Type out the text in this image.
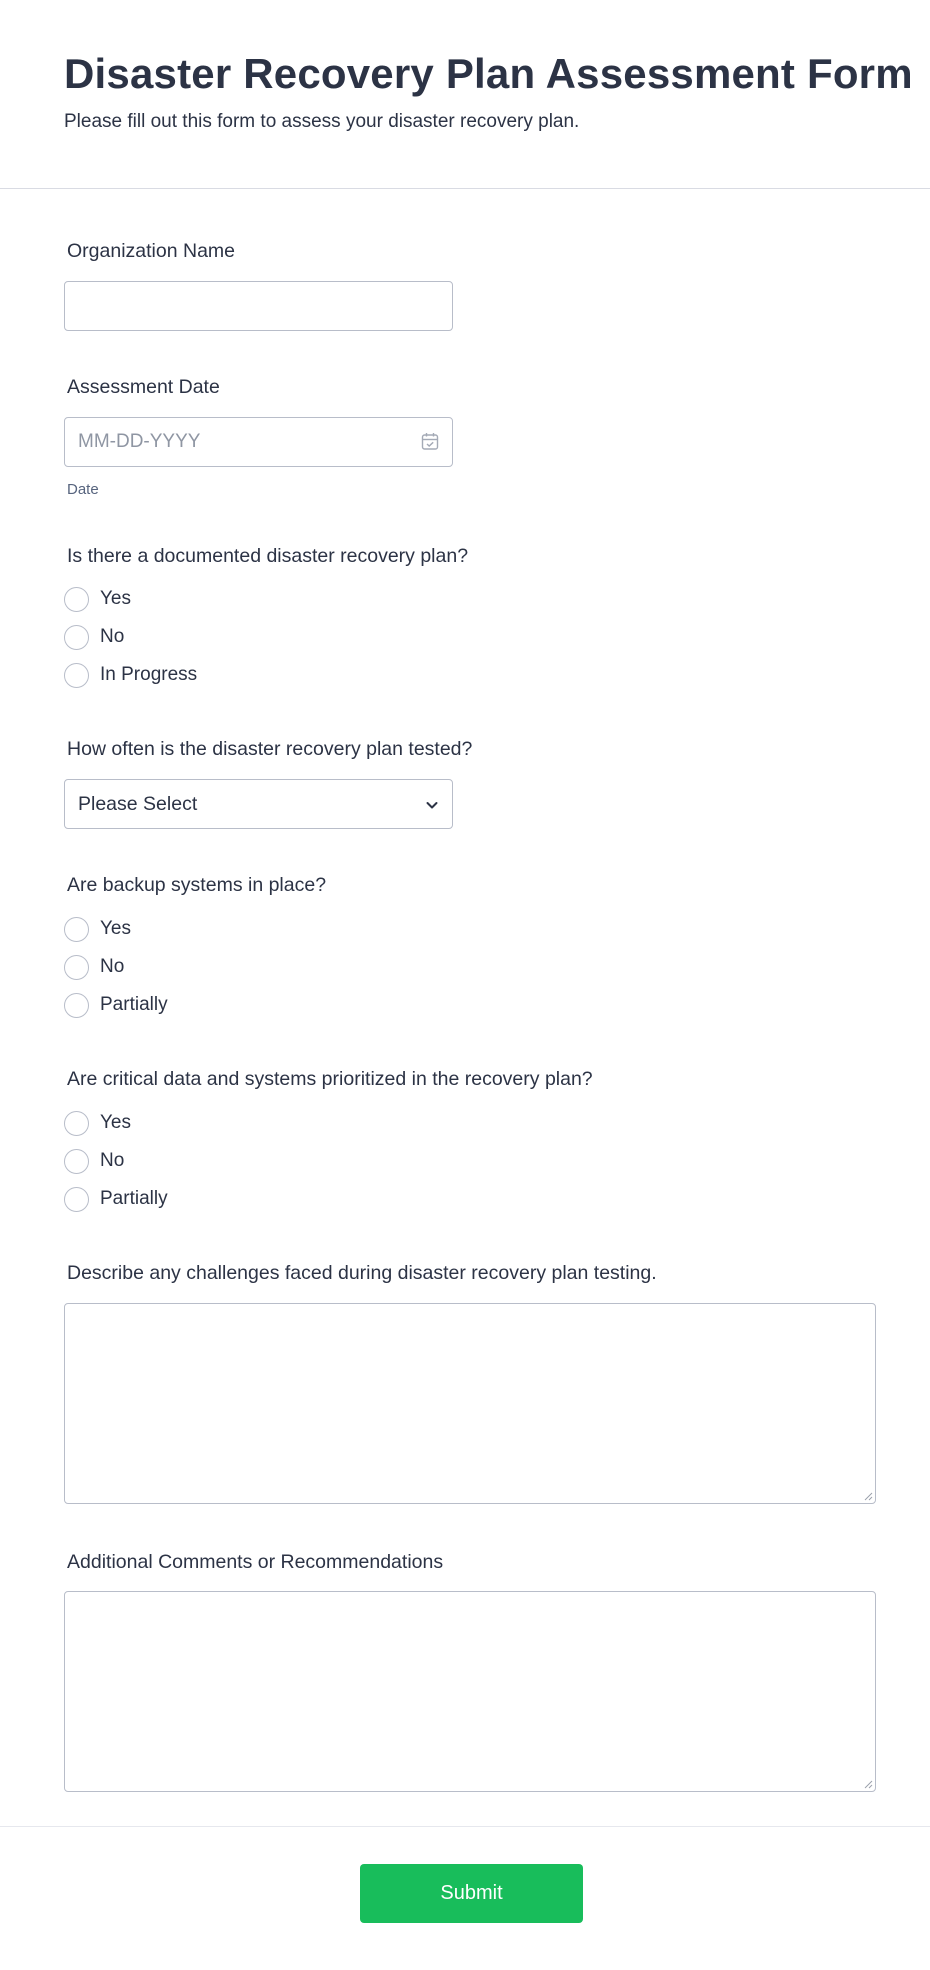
Disaster Recovery Plan Assessment Form
Please fill out this form to assess your disaster recovery plan.
Organization Name
Assessment Date
MM-DD-YYYY
Date
Is there a documented disaster recovery plan?
Yes
No
In Progress
How often is the disaster recovery plan tested?
Please Select
Are backup systems in place?
Yes
No
Partially
Are critical data and systems prioritized in the recovery plan?
Yes
No
Partially
Describe any challenges faced during disaster recovery plan testing.
Additional Comments or Recommendations
Submit
